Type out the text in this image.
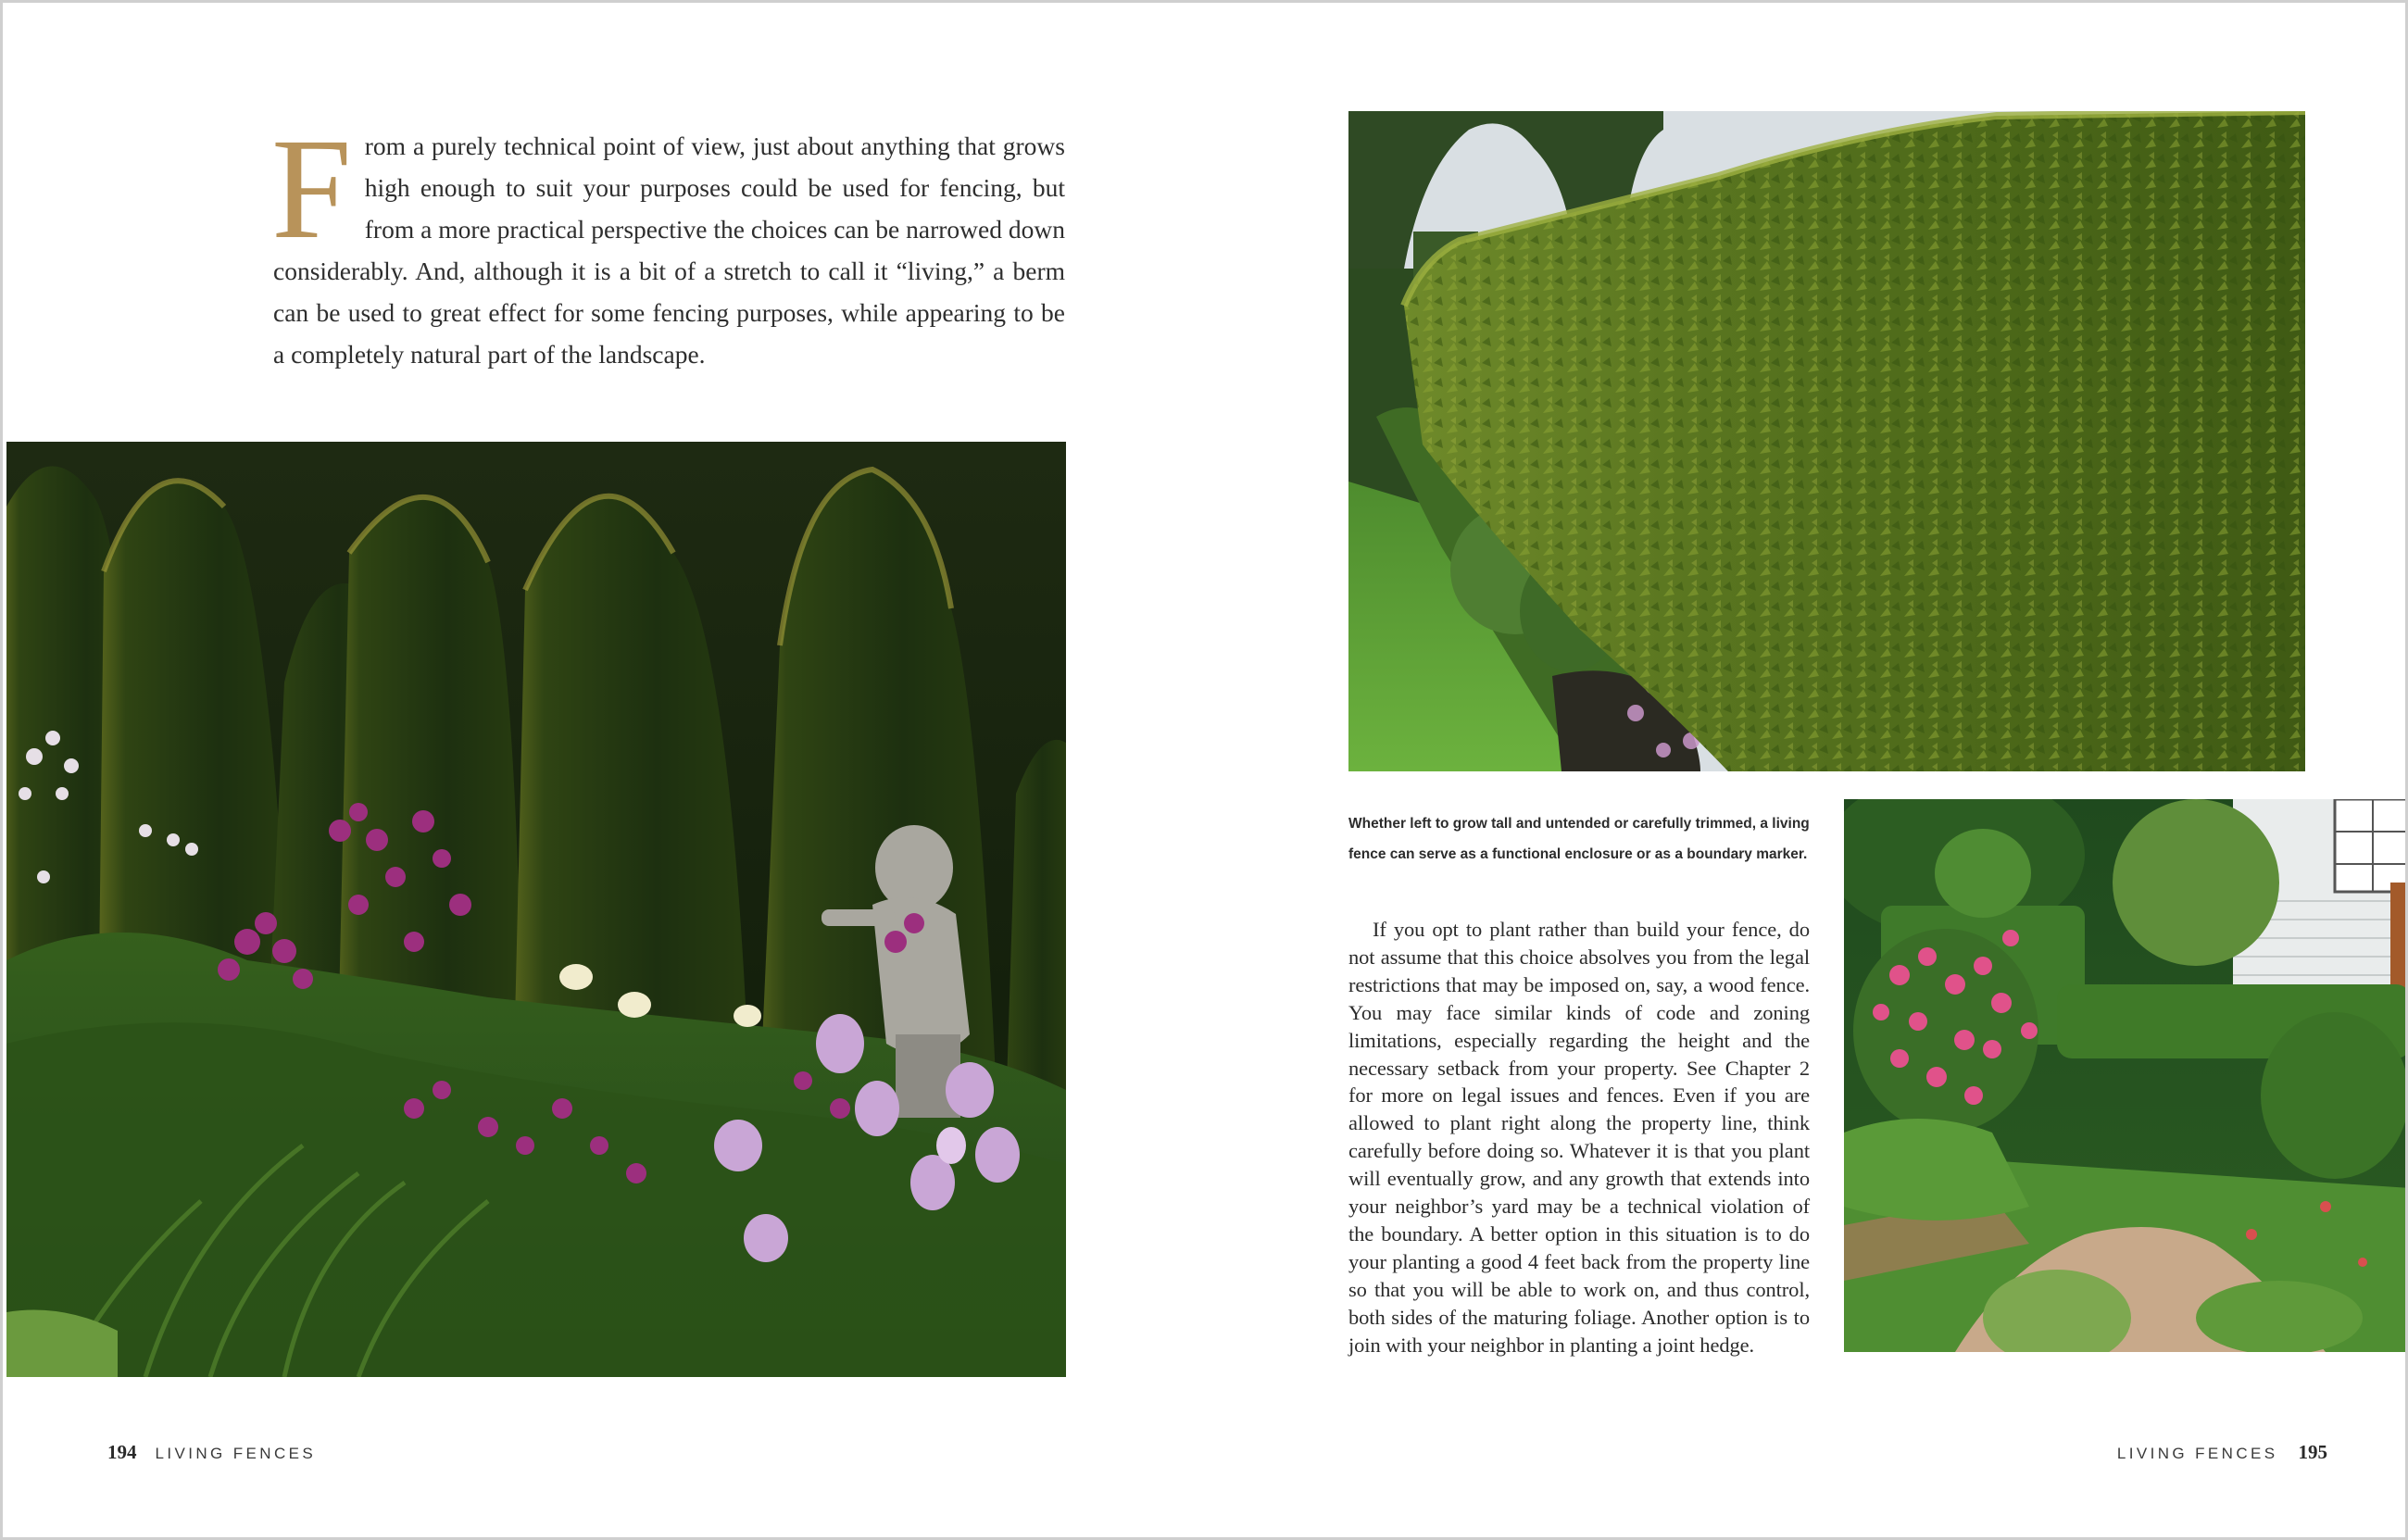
F rom a purely technical point of view, just about anything that grows high enough to suit your purposes could be used for fencing, but from a more practical perspective the choices can be narrowed down considerably. And, although it is a bit of a stretch to call it “living,” a berm can be used to great effect for some fencing purposes, while appearing to be a completely natural part of the landscape.
194 LIVING FENCES
Whether left to grow tall and untended or carefully trimmed, a living fence can serve as a functional enclosure or as a boundary marker.

If you opt to plant rather than build your fence, do not assume that this choice absolves you from the legal restrictions that may be imposed on, say, a wood fence. You may face similar kinds of code and zoning limitations, especially regarding the height and the necessary setback from your property. See Chapter 2 for more on legal issues and fences. Even if you are allowed to plant right along the property line, think carefully before doing so. Whatever it is that you plant will eventually grow, and any growth that extends into your neighbor’s yard may be a technical violation of the boundary. A better option in this situation is to do your planting a good 4 feet back from the property line so that you will be able to work on, and thus control, both sides of the maturing foliage. Another option is to join with your neighbor in planting a joint hedge.

LIVING FENCES 195
